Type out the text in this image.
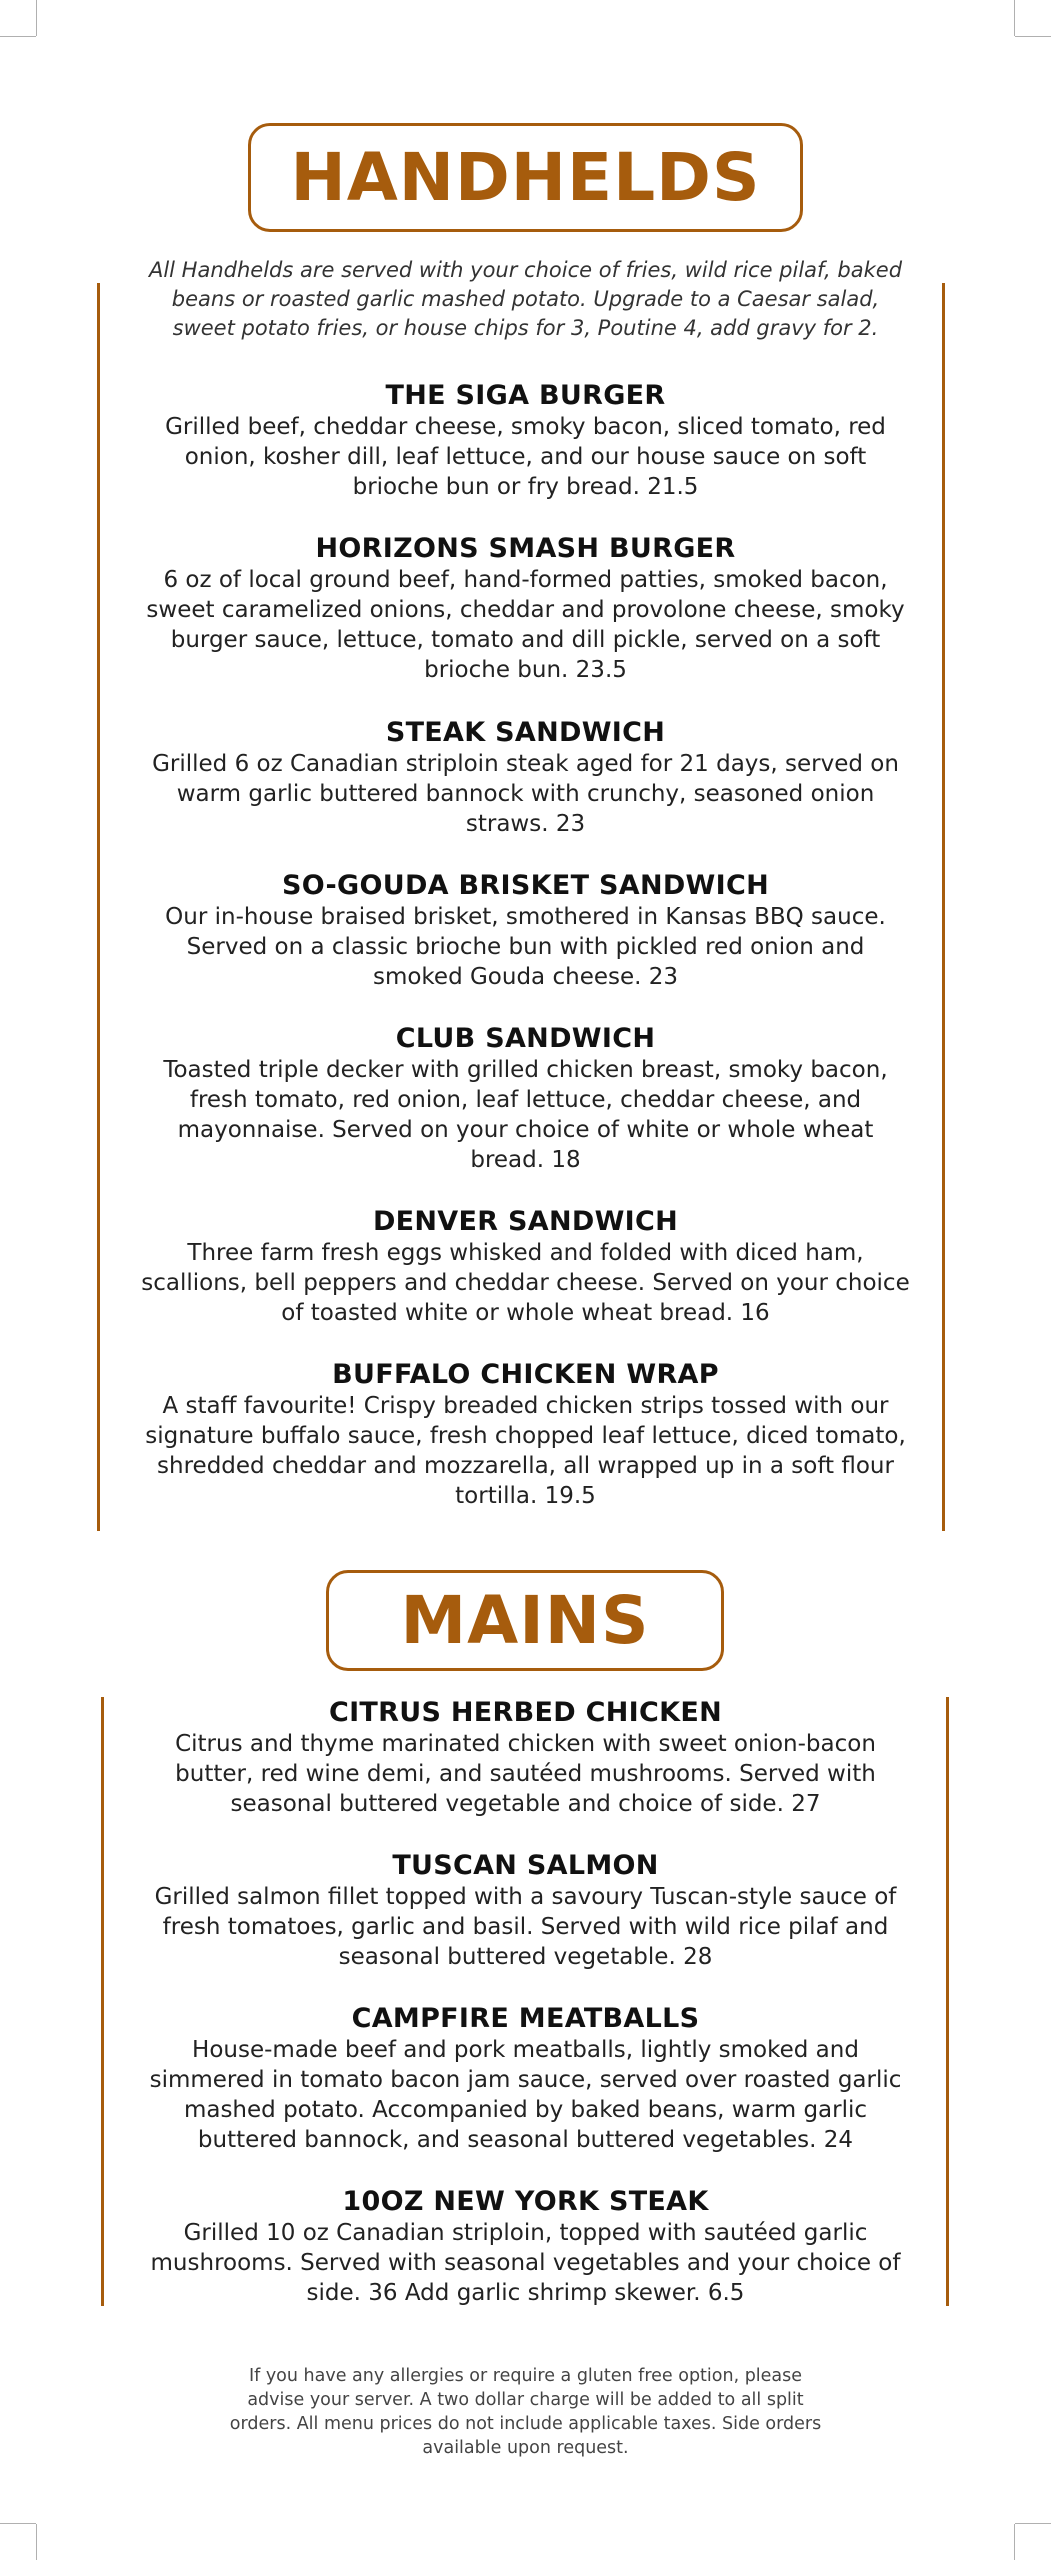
HANDHELDS
All Handhelds are served with your choice of fries, wild rice pilaf, baked beans or roasted garlic mashed potato. Upgrade to a Caesar salad, sweet potato fries, or house chips for 3, Poutine 4, add gravy for 2.
THE SIGA BURGER
Grilled beef, cheddar cheese, smoky bacon, sliced tomato, red onion, kosher dill, leaf lettuce, and our house sauce on soft brioche bun or fry bread. 21.5
HORIZONS SMASH BURGER
6 oz of local ground beef, hand-formed patties, smoked bacon, sweet caramelized onions, cheddar and provolone cheese, smoky burger sauce, lettuce, tomato and dill pickle, served on a soft brioche bun. 23.5
STEAK SANDWICH
Grilled 6 oz Canadian striploin steak aged for 21 days, served on warm garlic buttered bannock with crunchy, seasoned onion straws. 23
SO-GOUDA BRISKET SANDWICH
Our in-house braised brisket, smothered in Kansas BBQ sauce. Served on a classic brioche bun with pickled red onion and smoked Gouda cheese. 23
CLUB SANDWICH
Toasted triple decker with grilled chicken breast, smoky bacon, fresh tomato, red onion, leaf lettuce, cheddar cheese, and mayonnaise. Served on your choice of white or whole wheat bread. 18
DENVER SANDWICH
Three farm fresh eggs whisked and folded with diced ham, scallions, bell peppers and cheddar cheese. Served on your choice of toasted white or whole wheat bread. 16
BUFFALO CHICKEN WRAP
A staff favourite! Crispy breaded chicken strips tossed with our signature buffalo sauce, fresh chopped leaf lettuce, diced tomato, shredded cheddar and mozzarella, all wrapped up in a soft flour tortilla. 19.5
MAINS
CITRUS HERBED CHICKEN
Citrus and thyme marinated chicken with sweet onion-bacon butter, red wine demi, and sautéed mushrooms. Served with seasonal buttered vegetable and choice of side. 27
TUSCAN SALMON
Grilled salmon fillet topped with a savoury Tuscan-style sauce of fresh tomatoes, garlic and basil. Served with wild rice pilaf and seasonal buttered vegetable. 28
CAMPFIRE MEATBALLS
House-made beef and pork meatballs, lightly smoked and simmered in tomato bacon jam sauce, served over roasted garlic mashed potato. Accompanied by baked beans, warm garlic buttered bannock, and seasonal buttered vegetables. 24
10OZ NEW YORK STEAK
Grilled 10 oz Canadian striploin, topped with sautéed garlic mushrooms. Served with seasonal vegetables and your choice of side. 36 Add garlic shrimp skewer. 6.5
If you have any allergies or require a gluten free option, please advise your server. A two dollar charge will be added to all split orders. All menu prices do not include applicable taxes. Side orders available upon request.
